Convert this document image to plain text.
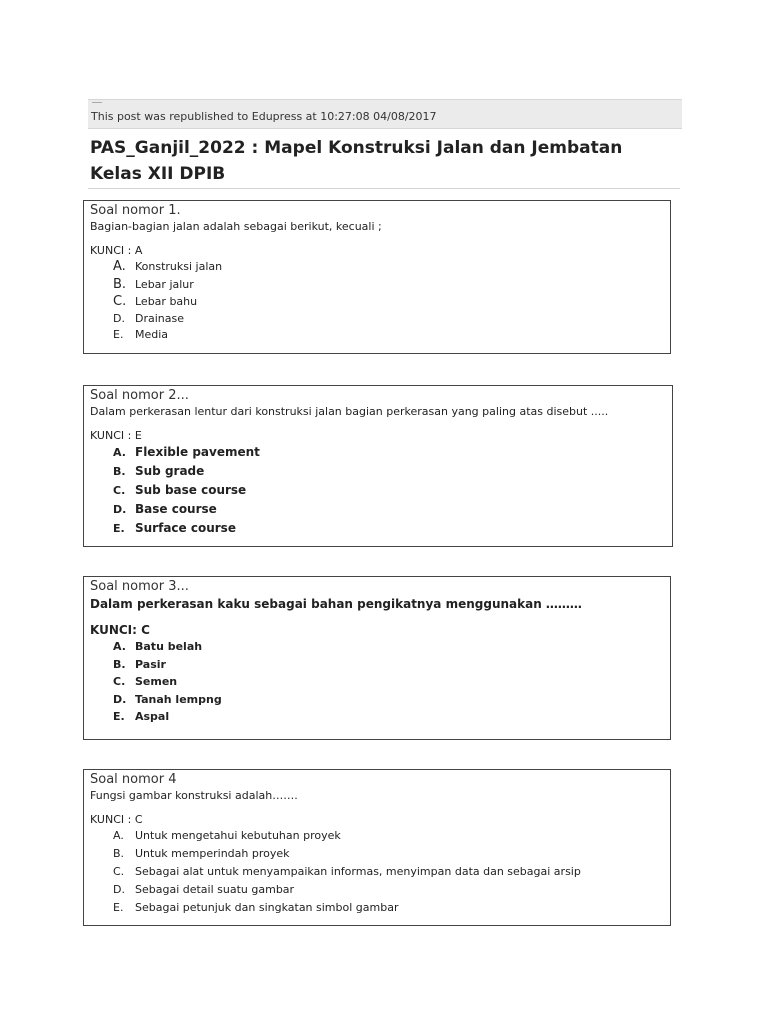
This post was republished to Edupress at 10:27:08 04/08/2017
PAS_Ganjil_2022 : Mapel Konstruksi Jalan dan Jembatan Kelas XII DPIB
Soal nomor 1.
Bagian-bagian jalan adalah sebagai berikut, kecuali ;
KUNCI : A
A. Konstruksi jalan
B. Lebar jalur
C. Lebar bahu
D. Drainase
E.	Media
Soal nomor 2...
Dalam perkerasan lentur dari konstruksi jalan bagian perkerasan yang paling atas disebut .....
KUNCI : E
A. Flexible pavement
B. Sub grade
C. Sub base course
D. Base course
E. Surface course
Soal nomor 3...
Dalam perkerasan kaku sebagai bahan pengikatnya menggunakan ………
KUNCI: C
A. Batu belah
B. Pasir
C. Semen
D. Tanah lempng
E. Aspal
Soal nomor 4
Fungsi gambar konstruksi adalah…….
KUNCI : C
A.	Untuk mengetahui kebutuhan proyek
B. Untuk memperindah proyek
C. Sebagai alat untuk menyampaikan informas, menyimpan data dan sebagai arsip
D. Sebagai detail suatu gambar
E.	Sebagai petunjuk dan singkatan simbol gambar
